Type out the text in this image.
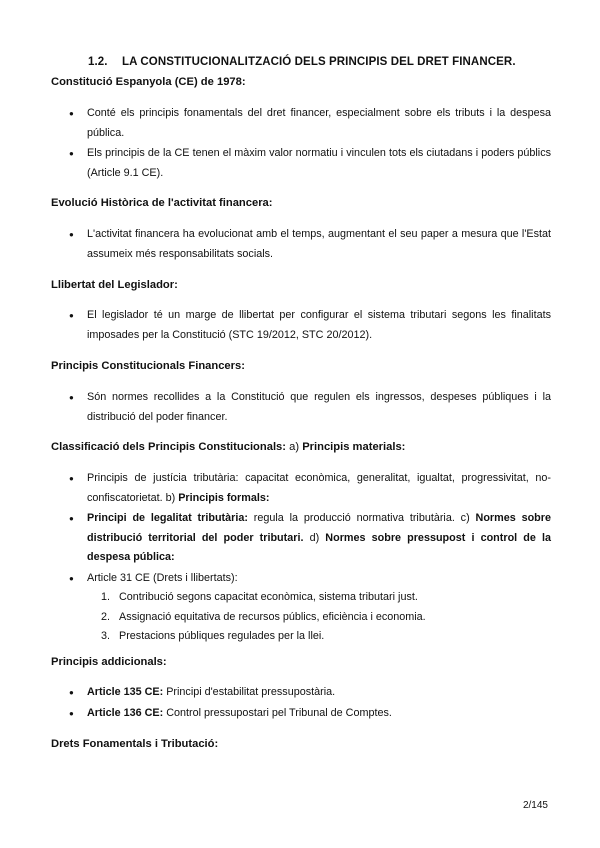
1.2. LA CONSTITUCIONALITZACIÓ DELS PRINCIPIS DEL DRET FINANCER.
Constitució Espanyola (CE) de 1978:
● Conté els principis fonamentals del dret financer, especialment sobre els tributs i la despesa pública.
● Els principis de la CE tenen el màxim valor normatiu i vinculen tots els ciutadans i poders públics (Article 9.1 CE).
Evolució Històrica de l'activitat financera:
● L'activitat financera ha evolucionat amb el temps, augmentant el seu paper a mesura que l'Estat assumeix més responsabilitats socials.
Llibertat del Legislador:
● El legislador té un marge de llibertat per configurar el sistema tributari segons les finalitats imposades per la Constitució (STC 19/2012, STC 20/2012).
Principis Constitucionals Financers:
● Són normes recollides a la Constitució que regulen els ingressos, despeses públiques i la distribució del poder financer.
Classificació dels Principis Constitucionals: a) Principis materials:
● Principis de justícia tributària: capacitat econòmica, generalitat, igualtat, progressivitat, no-confiscatorietat. b) Principis formals:
● Principi de legalitat tributària: regula la producció normativa tributària. c) Normes sobre distribució territorial del poder tributari. d) Normes sobre pressupost i control de la despesa pública:
● Article 31 CE (Drets i llibertats):
1. Contribució segons capacitat econòmica, sistema tributari just.
2. Assignació equitativa de recursos públics, eficiència i economia.
3. Prestacions públiques regulades per la llei.
Principis addicionals:
● Article 135 CE: Principi d'estabilitat pressupostària.
● Article 136 CE: Control pressupostari pel Tribunal de Comptes.
Drets Fonamentals i Tributació:
2/145
